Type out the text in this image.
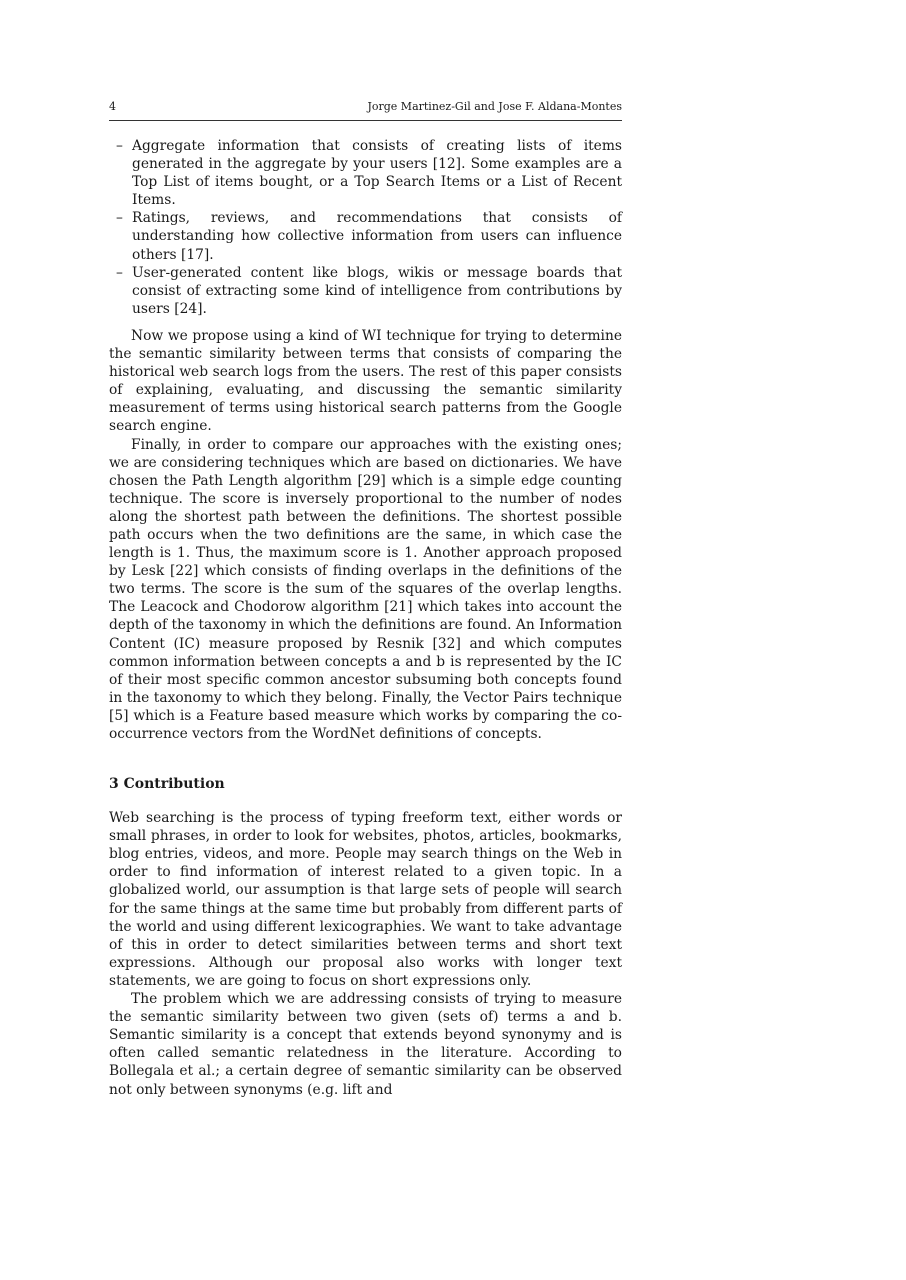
4	Jorge Martinez-Gil and Jose F. Aldana-Montes
– Aggregate information that consists of creating lists of items generated in the aggregate by your users [12]. Some examples are a Top List of items bought, or a Top Search Items or a List of Recent Items.
– Ratings, reviews, and recommendations that consists of understanding how collective information from users can influence others [17].
– User-generated content like blogs, wikis or message boards that consist of extracting some kind of intelligence from contributions by users [24].

Now we propose using a kind of WI technique for trying to determine the semantic similarity between terms that consists of comparing the historical web search logs from the users. The rest of this paper consists of explaining, evaluating, and discussing the semantic similarity measurement of terms using historical search patterns from the Google search engine.

Finally, in order to compare our approaches with the existing ones; we are considering techniques which are based on dictionaries. We have chosen the Path Length algorithm [29] which is a simple edge counting technique. The score is inversely proportional to the number of nodes along the shortest path between the definitions. The shortest possible path occurs when the two definitions are the same, in which case the length is 1. Thus, the maximum score is 1. Another approach proposed by Lesk [22] which consists of finding overlaps in the definitions of the two terms. The score is the sum of the squares of the overlap lengths. The Leacock and Chodorow algorithm [21] which takes into account the depth of the taxonomy in which the definitions are found. An Information Content (IC) measure proposed by Resnik [32] and which computes common information between concepts a and b is represented by the IC of their most specific common ancestor subsuming both concepts found in the taxonomy to which they belong. Finally, the Vector Pairs technique [5] which is a Feature based measure which works by comparing the co-occurrence vectors from the WordNet definitions of concepts.

3 Contribution

Web searching is the process of typing freeform text, either words or small phrases, in order to look for websites, photos, articles, bookmarks, blog entries, videos, and more. People may search things on the Web in order to find information of interest related to a given topic. In a globalized world, our assumption is that large sets of people will search for the same things at the same time but probably from different parts of the world and using different lexicographies. We want to take advantage of this in order to detect similarities between terms and short text expressions. Although our proposal also works with longer text statements, we are going to focus on short expressions only.

The problem which we are addressing consists of trying to measure the semantic similarity between two given (sets of) terms a and b. Semantic similarity is a concept that extends beyond synonymy and is often called semantic relatedness in the literature. According to Bollegala et al.; a certain degree of semantic similarity can be observed not only between synonyms (e.g. lift and
